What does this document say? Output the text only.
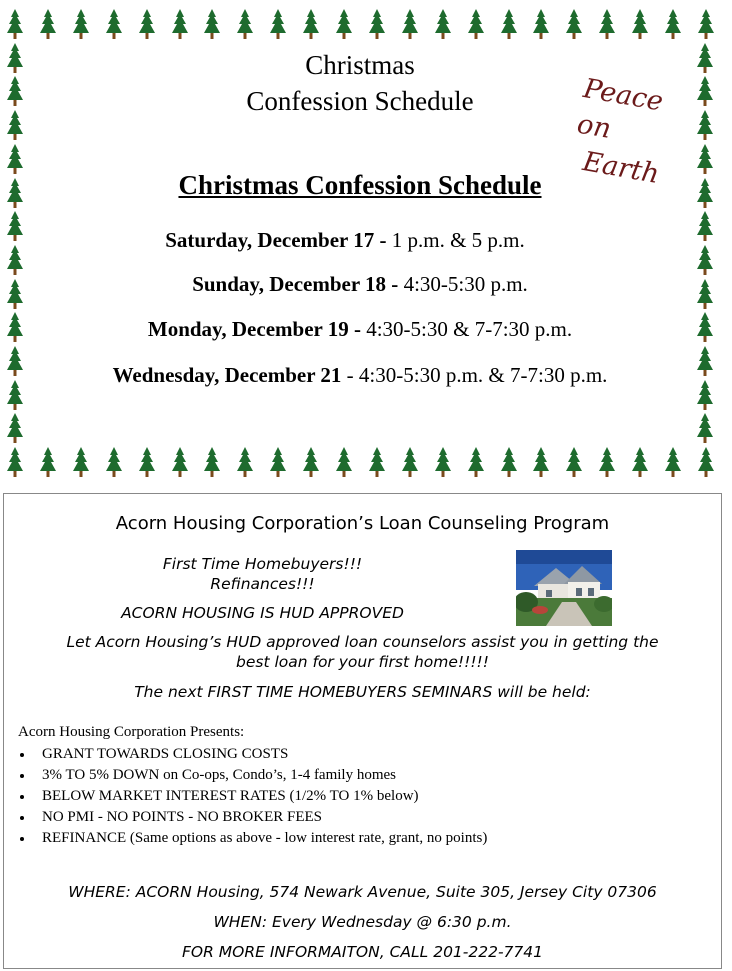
Christmas
Confession Schedule	Peace on
Earth
Christmas Confession Schedule
Saturday, December 17 - 1 p.m. & 5 p.m.
Sunday, December 18 - 4:30-5:30 p.m.
Monday, December 19 - 4:30-5:30 & 7-7:30 p.m.
Wednesday, December 21 - 4:30-5:30 p.m. & 7-7:30 p.m.
Acorn Housing Corporation’s Loan Counseling Program
First Time Homebuyers!!!
Refinances!!!
ACORN HOUSING IS HUD APPROVED
Let Acorn Housing’s HUD approved loan counselors assist you in getting the
best loan for your first home!!!!!
The next FIRST TIME HOMEBUYERS SEMINARS will be held:
Acorn Housing Corporation Presents:
GRANT TOWARDS CLOSING COSTS
3% TO 5% DOWN on Co-ops, Condo’s, 1-4 family homes
BELOW MARKET INTEREST RATES (1/2% TO 1% below)
NO PMI - NO POINTS - NO BROKER FEES
REFINANCE (Same options as above - low interest rate, grant, no points)
WHERE: ACORN Housing, 574 Newark Avenue, Suite 305, Jersey City 07306
WHEN: Every Wednesday @ 6:30 p.m.
FOR MORE INFORMAITON, CALL 201-222-7741
